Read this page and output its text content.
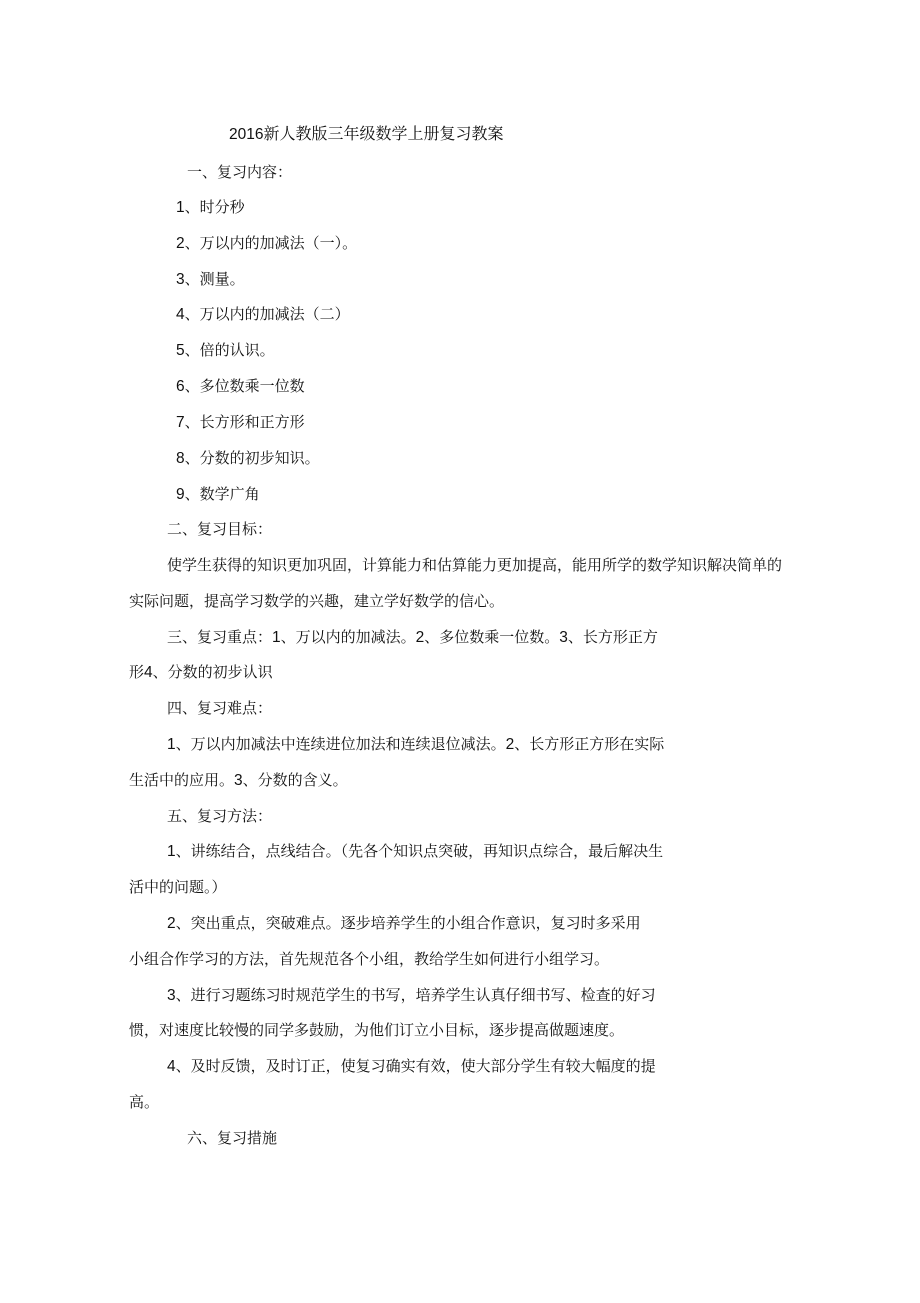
2016新人教版三年级数学上册复习教案
一、复习内容：
1、时分秒
2、万以内的加减法（一）。
3、测量。
4、万以内的加减法（二）
5、倍的认识。
6、多位数乘一位数
7、长方形和正方形
8、分数的初步知识。
9、数学广角
二、复习目标：
使学生获得的知识更加巩固，计算能力和估算能力更加提高，能用所学的数学知识解决简单的
实际问题，提高学习数学的兴趣，建立学好数学的信心。
三、复习重点：1、万以内的加减法。2、多位数乘一位数。3、长方形正方
形4、分数的初步认识
四、复习难点：
1、万以内加减法中连续进位加法和连续退位减法。2、长方形正方形在实际
生活中的应用。3、分数的含义。
五、复习方法：
1、讲练结合，点线结合。（先各个知识点突破，再知识点综合，最后解决生
活中的问题。）
2、突出重点，突破难点。逐步培养学生的小组合作意识，复习时多采用
小组合作学习的方法，首先规范各个小组，教给学生如何进行小组学习。
3、进行习题练习时规范学生的书写，培养学生认真仔细书写、检查的好习
惯，对速度比较慢的同学多鼓励，为他们订立小目标，逐步提高做题速度。
4、及时反馈，及时订正，使复习确实有效，使大部分学生有较大幅度的提
高。
六、复习措施
